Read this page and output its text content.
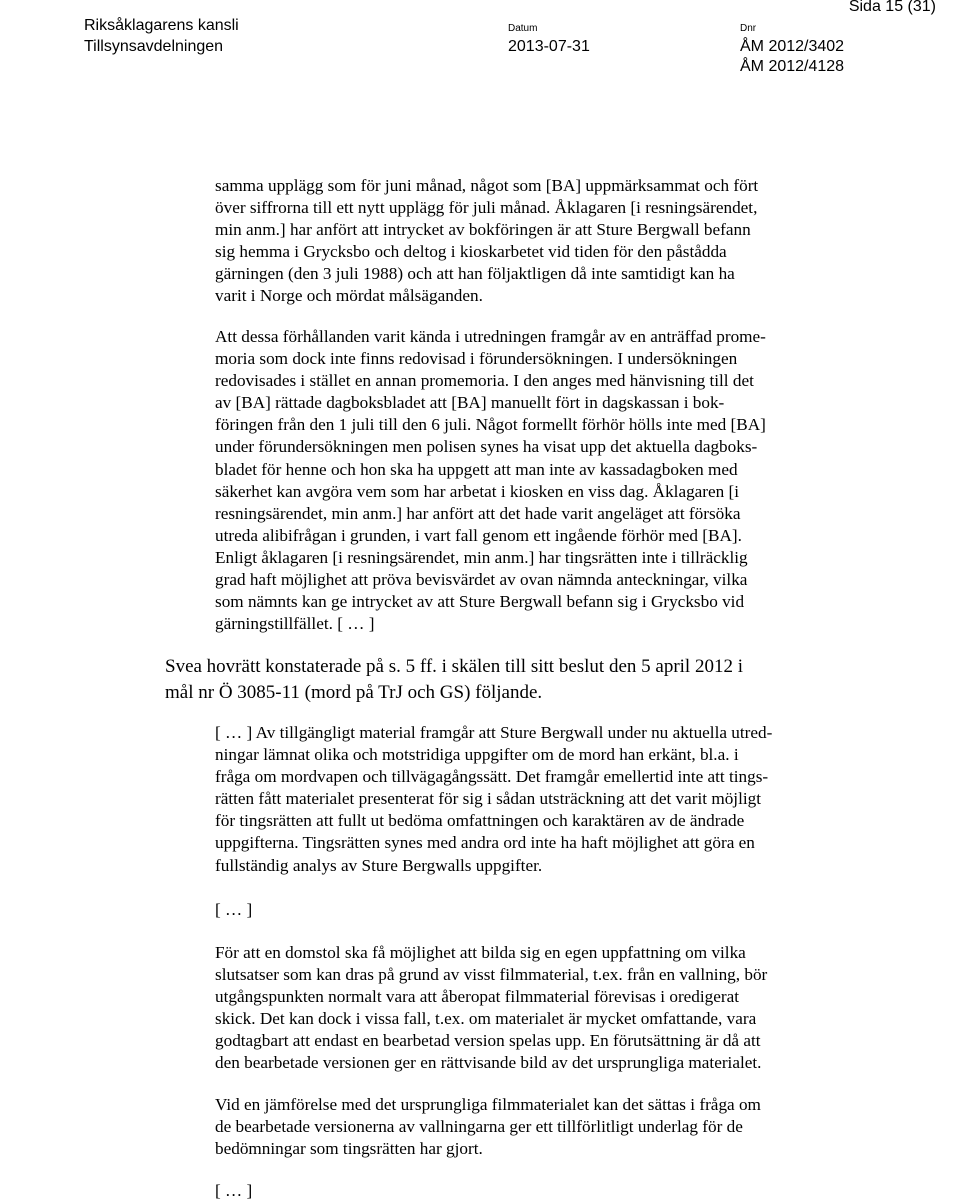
Riksåklagarens kansli
Tillsynsavdelningen
Datum
2013-07-31
Dnr
ÅM 2012/3402
ÅM 2012/4128
Sida 15 (31)
samma upplägg som för juni månad, något som [BA] uppmärksammat och fört
över siffrorna till ett nytt upplägg för juli månad. Åklagaren [i resningsärendet,
min anm.] har anfört att intrycket av bokföringen är att Sture Bergwall befann
sig hemma i Grycksbo och deltog i kioskarbetet vid tiden för den påstådda
gärningen (den 3 juli 1988) och att han följaktligen då inte samtidigt kan ha
varit i Norge och mördat målsäganden.
Att dessa förhållanden varit kända i utredningen framgår av en anträffad prome-
moria som dock inte finns redovisad i förundersökningen. I undersökningen
redovisades i stället en annan promemoria. I den anges med hänvisning till det
av [BA] rättade dagboksbladet att [BA] manuellt fört in dagskassan i bok-
föringen från den 1 juli till den 6 juli. Något formellt förhör hölls inte med [BA]
under förundersökningen men polisen synes ha visat upp det aktuella dagboks-
bladet för henne och hon ska ha uppgett att man inte av kassadagboken med
säkerhet kan avgöra vem som har arbetat i kiosken en viss dag. Åklagaren [i
resningsärendet, min anm.] har anfört att det hade varit angeläget att försöka
utreda alibifrågan i grunden, i vart fall genom ett ingående förhör med [BA].
Enligt åklagaren [i resningsärendet, min anm.] har tingsrätten inte i tillräcklig
grad haft möjlighet att pröva bevisvärdet av ovan nämnda anteckningar, vilka
som nämnts kan ge intrycket av att Sture Bergwall befann sig i Grycksbo vid
gärningstillfället. [ … ]
Svea hovrätt konstaterade på s. 5 ff. i skälen till sitt beslut den 5 april 2012 i
mål nr Ö 3085-11 (mord på TrJ och GS) följande.
[ … ] Av tillgängligt material framgår att Sture Bergwall under nu aktuella utred-
ningar lämnat olika och motstridiga uppgifter om de mord han erkänt, bl.a. i
fråga om mordvapen och tillvägagångssätt. Det framgår emellertid inte att tings-
rätten fått materialet presenterat för sig i sådan utsträckning att det varit möjligt
för tingsrätten att fullt ut bedöma omfattningen och karaktären av de ändrade
uppgifterna. Tingsrätten synes med andra ord inte ha haft möjlighet att göra en
fullständig analys av Sture Bergwalls uppgifter.
[ … ]
För att en domstol ska få möjlighet att bilda sig en egen uppfattning om vilka
slutsatser som kan dras på grund av visst filmmaterial, t.ex. från en vallning, bör
utgångspunkten normalt vara att åberopat filmmaterial förevisas i oredigerat
skick. Det kan dock i vissa fall, t.ex. om materialet är mycket omfattande, vara
godtagbart att endast en bearbetad version spelas upp. En förutsättning är då att
den bearbetade versionen ger en rättvisande bild av det ursprungliga materialet.
Vid en jämförelse med det ursprungliga filmmaterialet kan det sättas i fråga om
de bearbetade versionerna av vallningarna ger ett tillförlitligt underlag för de
bedömningar som tingsrätten har gjort.
[ … ]
